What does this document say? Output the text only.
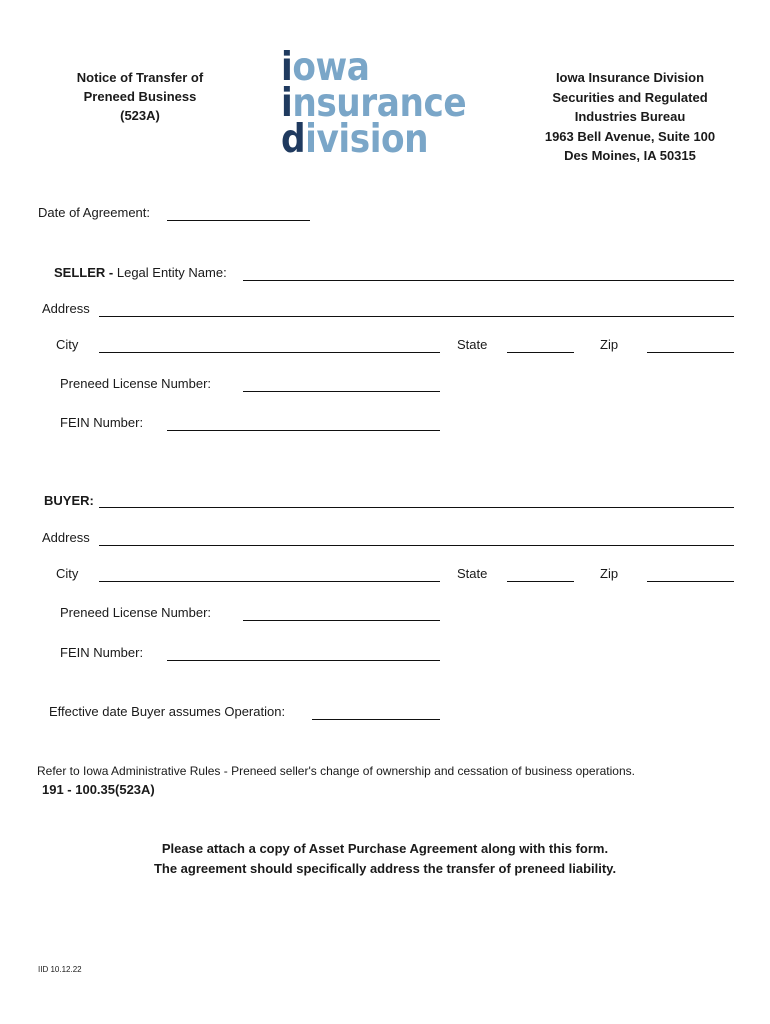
Notice of Transfer of
Preneed Business
(523A)
iowa
insurance
division
Iowa Insurance Division
Securities and Regulated
Industries Bureau
1963 Bell Avenue, Suite 100
Des Moines, IA 50315
Date of Agreement:
SELLER - Legal Entity Name:
Address
City	State	Zip
Preneed License Number:
FEIN Number:
BUYER:
Address
City	State	Zip
Preneed License Number:
FEIN Number:
Effective date Buyer assumes Operation:
Refer to Iowa Administrative Rules - Preneed seller's change of ownership and cessation of business operations.
191 - 100.35(523A)
Please attach a copy of Asset Purchase Agreement along with this form.
The agreement should specifically address the transfer of preneed liability.
IID 10.12.22
